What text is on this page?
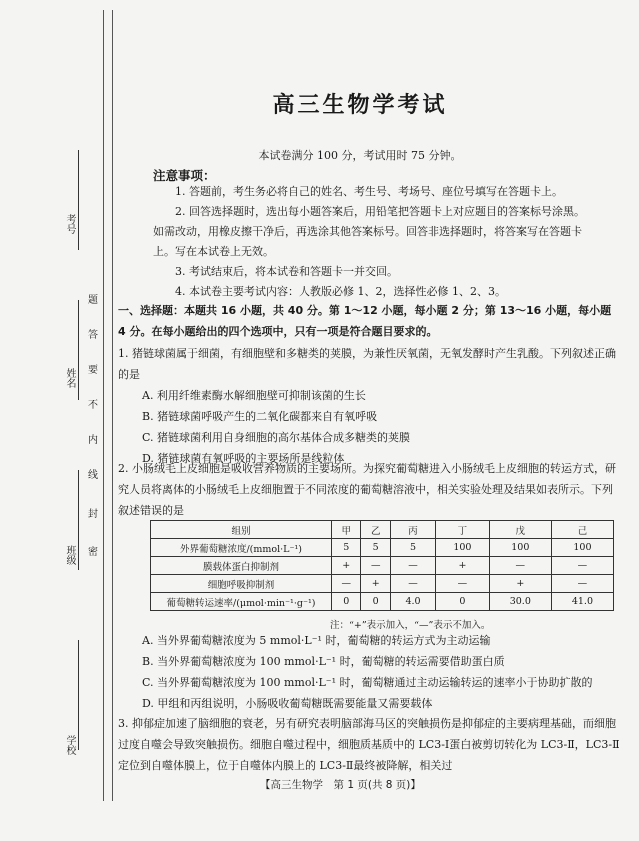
考号
姓名
班级
学校
题
答
要
不
内
线
封
密
高三生物学考试
本试卷满分 100 分，考试用时 75 分钟。
注意事项：

1. 答题前，考生务必将自己的姓名、考生号、考场号、座位号填写在答题卡上。

2. 回答选择题时，选出每小题答案后，用铅笔把答题卡上对应题目的答案标号涂黑。如需改动，用橡皮擦干净后，再选涂其他答案标号。回答非选择题时，将答案写在答题卡上。写在本试卷上无效。

3. 考试结束后，将本试卷和答题卡一并交回。

4. 本试卷主要考试内容：人教版必修 1、2，选择性必修 1、2、3。

一、选择题：本题共 16 小题，共 40 分。第 1～12 小题，每小题 2 分；第 13～16 小题，每小题 4 分。在每小题给出的四个选项中，只有一项是符合题目要求的。

1. 猪链球菌属于细菌，有细胞壁和多糖类的荚膜，为兼性厌氧菌，无氧发酵时产生乳酸。下列叙述正确的是

A. 利用纤维素酶水解细胞壁可抑制该菌的生长

B. 猪链球菌呼吸产生的二氧化碳都来自有氧呼吸

C. 猪链球菌利用自身细胞的高尔基体合成多糖类的荚膜

D. 猪链球菌有氧呼吸的主要场所是线粒体

2. 小肠绒毛上皮细胞是吸收营养物质的主要场所。为探究葡萄糖进入小肠绒毛上皮细胞的转运方式，研究人员将离体的小肠绒毛上皮细胞置于不同浓度的葡萄糖溶液中，相关实验处理及结果如表所示。下列叙述错误的是

组别	甲	乙	丙	丁	戊	己
外界葡萄糖浓度/(mmol·L⁻¹)	5	5	5	100	100	100
膜载体蛋白抑制剂	+	—	—	+	—	—
细胞呼吸抑制剂	—	+	—	—	+	—
葡萄糖转运速率/(μmol·min⁻¹·g⁻¹)	0	0	4.0	0	30.0	41.0
注：“+”表示加入，“—”表示不加入。

A. 当外界葡萄糖浓度为 5 mmol·L⁻¹ 时，葡萄糖的转运方式为主动运输

B. 当外界葡萄糖浓度为 100 mmol·L⁻¹ 时，葡萄糖的转运需要借助蛋白质

C. 当外界葡萄糖浓度为 100 mmol·L⁻¹ 时，葡萄糖通过主动运输转运的速率小于协助扩散的

D. 甲组和丙组说明，小肠吸收葡萄糖既需要能量又需要载体

3. 抑郁症加速了脑细胞的衰老，另有研究表明脑部海马区的突触损伤是抑郁症的主要病理基础，而细胞过度自噬会导致突触损伤。细胞自噬过程中，细胞质基质中的 LC3-Ⅰ蛋白被剪切转化为 LC3-Ⅱ，LC3-Ⅱ定位到自噬体膜上，位于自噬体内膜上的 LC3-Ⅱ最终被降解，相关过

【高三生物学　第 1 页(共 8 页)】
